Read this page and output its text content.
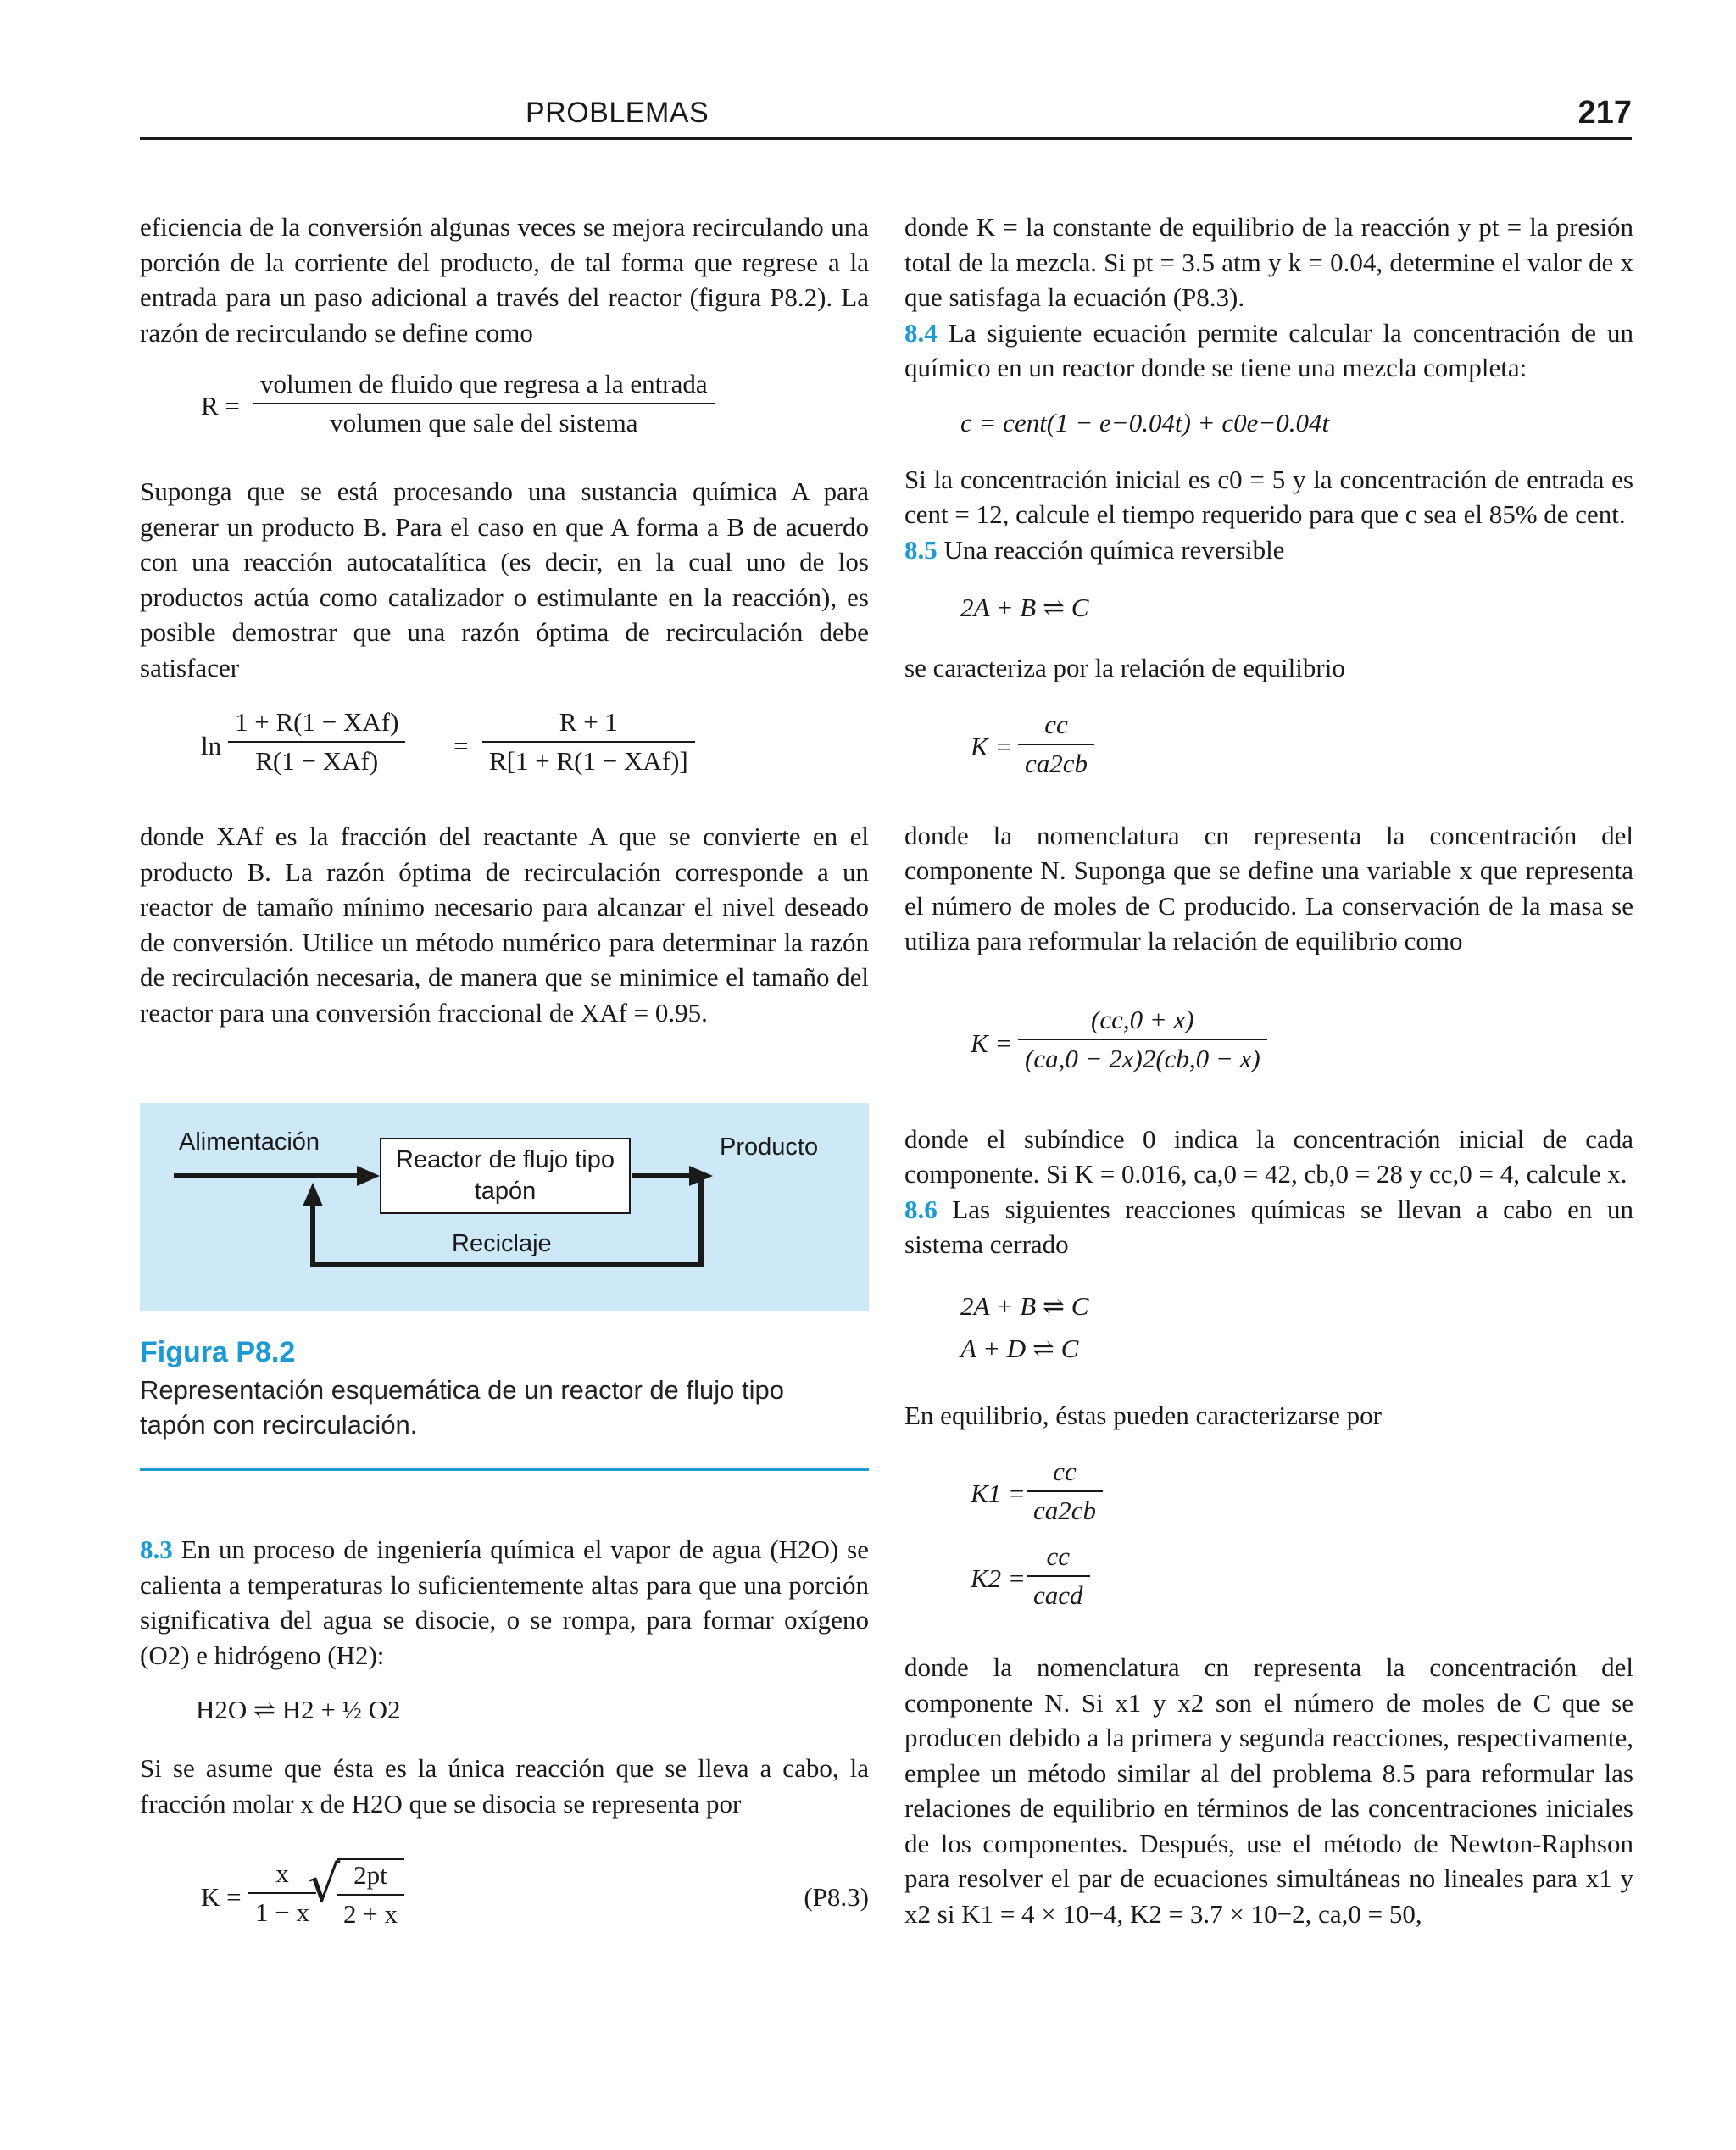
PROBLEMAS	217

eficiencia de la conversión algunas veces se mejora recirculando una porción de la corriente del producto, de tal forma que regrese a la entrada para un paso adicional a través del reactor (figura P8.2). La razón de recirculando se define como

R =
volumen de fluido que regresa a la entrada
volumen que sale del sistema

Suponga que se está procesando una sustancia química A para generar un producto B. Para el caso en que A forma a B de acuerdo con una reacción autocatalítica (es decir, en la cual uno de los productos actúa como catalizador o estimulante en la reacción), es posible demostrar que una razón óptima de recirculación debe satisfacer

ln
1 + R(1 − XAf)
R(1 − XAf)
=
R + 1
R[1 + R(1 − XAf)]

donde XAf es la fracción del reactante A que se convierte en el producto B. La razón óptima de recirculación corresponde a un reactor de tamaño mínimo necesario para alcanzar el nivel deseado de conversión. Utilice un método numérico para determinar la razón de recirculación necesaria, de manera que se minimice el tamaño del reactor para una conversión fraccional de XAf = 0.95.

Alimentación
Reactor de flujo tipo tapón
Producto
Reciclaje
Figura P8.2
Representación esquemática de un reactor de flujo tipo tapón con recirculación.

8.3 En un proceso de ingeniería química el vapor de agua (H2O) se calienta a temperaturas lo suficientemente altas para que una porción significativa del agua se disocie, o se rompa, para formar oxígeno (O2) e hidrógeno (H2):

H2O ⇌ H2 + ½ O2

Si se asume que ésta es la única reacción que se lleva a cabo, la fracción molar x de H2O que se disocia se representa por

$K = \frac{x}{1 - x}$
√
$\frac{2pt}{2 + x}$	(P8.3)

donde K = la constante de equilibrio de la reacción y pt = la presión total de la mezcla. Si pt = 3.5 atm y k = 0.04, determine el valor de x que satisfaga la ecuación (P8.3).

8.4 La siguiente ecuación permite calcular la concentración de un químico en un reactor donde se tiene una mezcla completa:

c = cent(1 − e−0.04t) + c0e−0.04t

Si la concentración inicial es c0 = 5 y la concentración de entrada es cent = 12, calcule el tiempo requerido para que c sea el 85% de cent.

8.5 Una reacción química reversible

2A + B ⇌ C

se caracteriza por la relación de equilibrio

$K = \frac{cc}{ca2cb}$

donde la nomenclatura cn representa la concentración del componente N. Suponga que se define una variable x que representa el número de moles de C producido. La conservación de la masa se utiliza para reformular la relación de equilibrio como

$K = \frac{(cc,0 + x)}{(ca,0 - 2x)2(cb,0 - x)}$

donde el subíndice 0 indica la concentración inicial de cada componente. Si K = 0.016, ca,0 = 42, cb,0 = 28 y cc,0 = 4, calcule x.

8.6 Las siguientes reacciones químicas se llevan a cabo en un sistema cerrado

2A + B ⇌ C
A + D ⇌ C

En equilibrio, éstas pueden caracterizarse por

$K1 = \frac{cc}{ca2cb}$
K2 =
cc
cacd

donde la nomenclatura cn representa la concentración del componente N. Si x1 y x2 son el número de moles de C que se producen debido a la primera y segunda reacciones, respectivamente, emplee un método similar al del problema 8.5 para reformular las relaciones de equilibrio en términos de las concentraciones iniciales de los componentes. Después, use el método de Newton-Raphson para resolver el par de ecuaciones simultáneas no lineales para x1 y x2 si K1 = 4 × 10−4, K2 = 3.7 × 10−2, ca,0 = 50,
